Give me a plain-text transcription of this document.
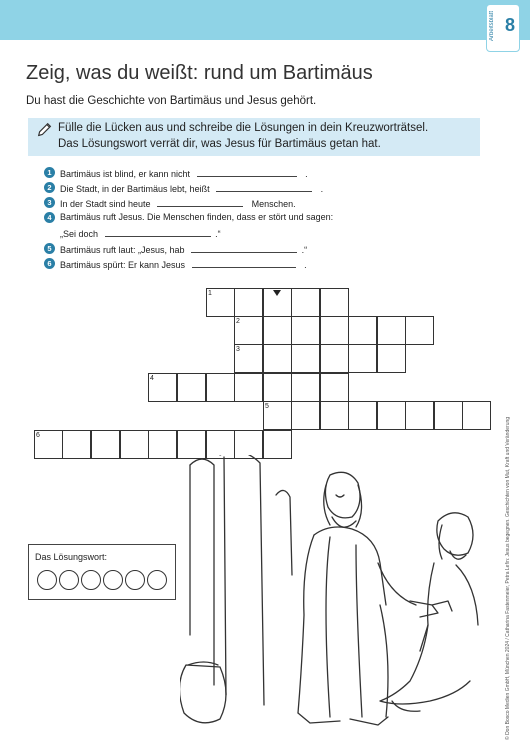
Arbeitsblatt 8
Zeig, was du weißt: rund um Bartimäus
Du hast die Geschichte von Bartimäus und Jesus gehört.
Fülle die Lücken aus und schreibe die Lösungen in dein Kreuzworträtsel.
Das Lösungswort verrät dir, was Jesus für Bartimäus getan hat.
1 Bartimäus ist blind, er kann nicht	.
2 Die Stadt, in der Bartimäus lebt, heißt	.
3 In der Stadt sind heute	Menschen.
4 Bartimäus ruft Jesus. Die Menschen finden, dass er stört und sagen:
„Sei doch	.“
5 Bartimäus ruft laut: „Jesus, hab	.“
6 Bartimäus spürt: Er kann Jesus	.
1
2
3
4
5
6
Das Lösungswort:	© Don Bosco Medien GmbH, München 2024 / Catharina Fastenmeier, Petra Lefin: Jesus begegnen. Geschichten von Mut, Kraft und Veränderung
